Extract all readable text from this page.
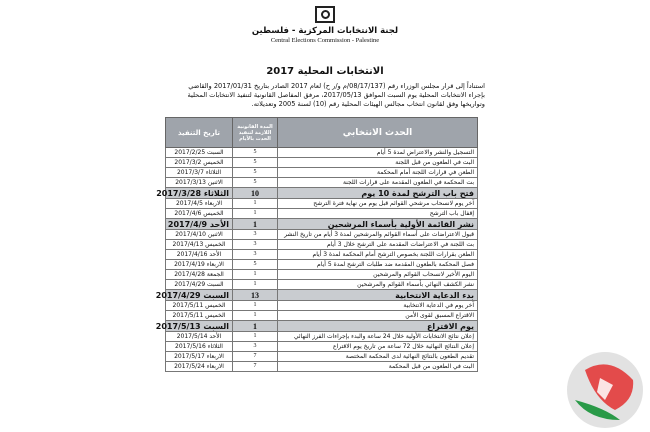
لجنة الانتخابات المركزية - فلسطين
Central Elections Commission - Palestine
الانتخابات المحلية 2017
استناداً إلى قرار مجلس الوزراء رقم (08/17/137/م و/ر ح) لعام 2017 الصادر بتاريخ 2017/01/31 والقاضي بإجراء الانتخابات المحلية يوم السبت الموافق 2017/05/13، مرفق المفاصل القانونية لتنفيذ الانتخابات المحلية وتواريخها وفق لقانون انتخاب مجالس الهيئات المحلية رقم (10) لسنة 2005 وتعديلاته.
الحدث الانتخابي	المدة القانونية اللازمة لتنفيذ الحدث بالأيام	تاريخ التنفيذ
التسجيل والنشر والاعتراض لمدة 5 أيام	5	السبت 2017/2/25
البت في الطعون من قبل اللجنة	5	الخميس 2017/3/2
الطعن في قرارات اللجنة أمام المحكمة	5	الثلاثاء 2017/3/7
بت المحكمة في الطعون المقدمة على قرارات اللجنة	5	الاثنين 2017/3/13
فتح باب الترشح لمدة 10 يوم	10	الثلاثاء 2017/3/28
آخر يوم لانسحاب مرشحي القوائم قبل يوم من نهاية فترة الترشح	1	الاربعاء 2017/4/5
إقفال باب الترشح	1	الخميس 2017/4/6
نشر القائمة الأولية بأسماء المرشحين	1	الأحد 2017/4/9
قبول الاعتراضات على أسماء القوائم والمرشحين لمدة 3 أيام من تاريخ النشر	3	الاثنين 2017/4/10
بت اللجنة في الاعتراضات المقدمة على الترشح خلال 3 أيام	3	الخميس 2017/4/13
الطعن بقرارات اللجنة بخصوص الترشح أمام المحكمة لمدة 3 أيام	3	الأحد 2017/4/16
فصل المحكمة بالطعون المقدمة ضد طلبات الترشح لمدة 5 أيام	5	الاربعاء 2017/4/19
اليوم الأخير لانسحاب القوائم والمرشحين	1	الجمعة 2017/4/28
نشر الكشف النهائي بأسماء القوائم والمرشحين	1	السبت 2017/4/29
بدء الدعاية الانتخابية	13	السبت 2017/4/29
آخر يوم في الدعاية الانتخابية	1	الخميس 2017/5/11
الاقتراع المسبق لقوى الأمن	1	الخميس 2017/5/11
يوم الاقتراع	1	السبت 2017/5/13
إعلان نتائج الانتخابات الأولية خلال 24 ساعة والبدء بإجراءات الفرز النهائي	1	الأحد 2017/5/14
إعلان النتائج النهائية خلال 72 ساعة من تاريخ يوم الاقتراع	3	الثلاثاء 2017/5/16
تقديم الطعون بالنتائج النهائية لدى المحكمة المختصة	7	الاربعاء 2017/5/17
البت في الطعون من قبل المحكمة	7	الاربعاء 2017/5/24
